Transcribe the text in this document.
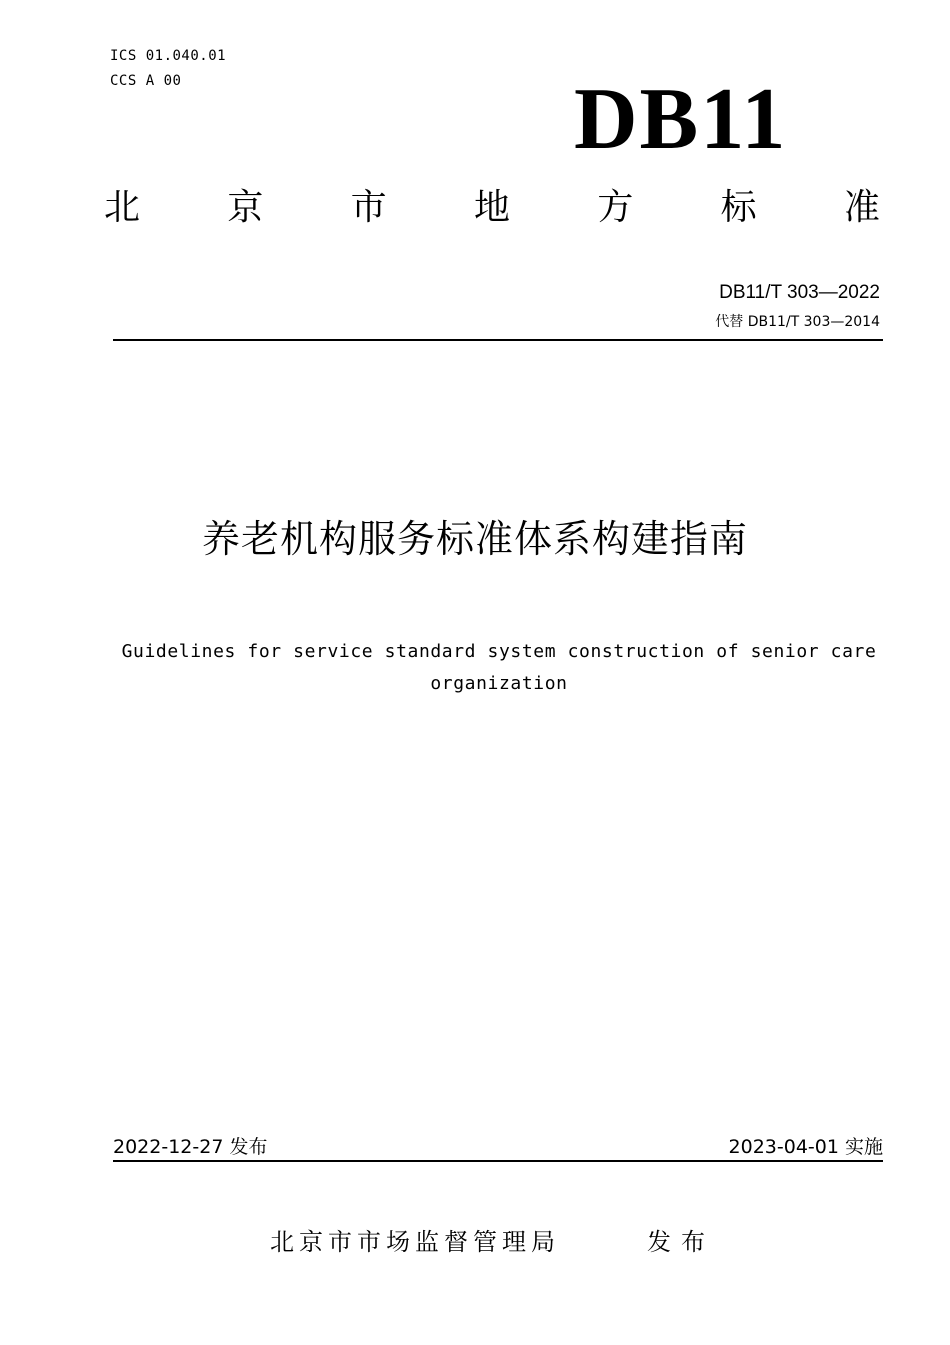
ICS 01.040.01
CCS A 00	DB11
北 京 市 地 方 标 准
DB11/T 303—2022
代替 DB11/T 303—2014
养老机构服务标准体系构建指南
Guidelines for service standard system construction of senior care
organization
2022-12-27 发布	2023-04-01 实施
北京市市场监督管理局	发布
